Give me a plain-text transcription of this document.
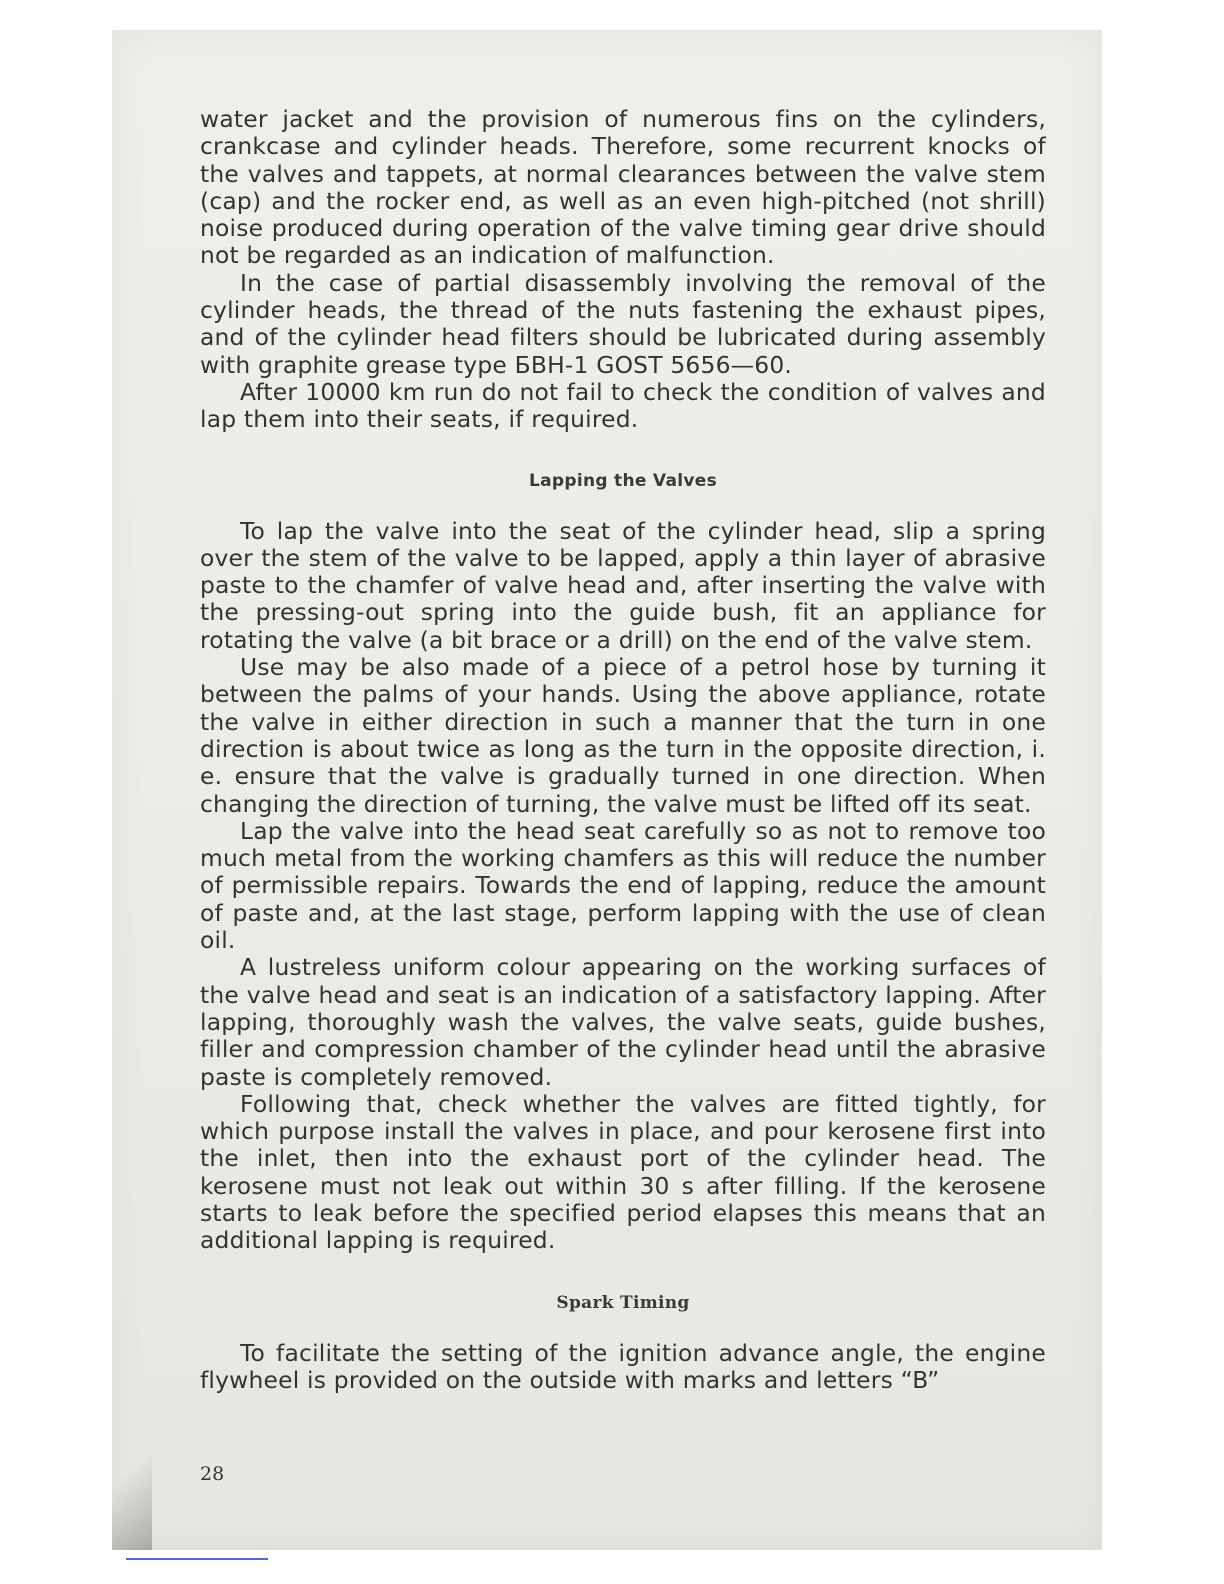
water jacket and the provision of numerous fins on the cylinders, crankcase and cylinder heads. Therefore, some recurrent knocks of the valves and tappets, at normal clearances between the valve stem (cap) and the rocker end, as well as an even high-pitched (not shrill) noise produced during operation of the valve timing gear drive should not be regarded as an indication of malfunction.

In the case of partial disassembly involving the removal of the cylinder heads, the thread of the nuts fastening the exhaust pipes, and of the cylinder head filters should be lubricated during assembly with graphite grease type БВН-1 GOST 5656—60.

After 10000 km run do not fail to check the condition of valves and lap them into their seats, if required.

Lapping the Valves

To lap the valve into the seat of the cylinder head, slip a spring over the stem of the valve to be lapped, apply a thin layer of abrasive paste to the chamfer of valve head and, after inserting the valve with the pressing-out spring into the guide bush, fit an appliance for rotating the valve (a bit brace or a drill) on the end of the valve stem.

Use may be also made of a piece of a petrol hose by turning it between the palms of your hands. Using the above appliance, rotate the valve in either direction in such a manner that the turn in one direction is about twice as long as the turn in the opposite direction, i. e. ensure that the valve is gradually turned in one direction. When changing the direction of turning, the valve must be lifted off its seat.

Lap the valve into the head seat carefully so as not to remove too much metal from the working chamfers as this will reduce the number of permissible repairs. Towards the end of lapping, reduce the amount of paste and, at the last stage, perform lapping with the use of clean oil.

A lustreless uniform colour appearing on the working surfaces of the valve head and seat is an indication of a satisfactory lapping. After lapping, thoroughly wash the valves, the valve seats, guide bushes, filler and compression chamber of the cylinder head until the abrasive paste is completely removed.

Following that, check whether the valves are fitted tightly, for which purpose install the valves in place, and pour kerosene first into the inlet, then into the exhaust port of the cylinder head. The kerosene must not leak out within 30 s after filling. If the kerosene starts to leak before the specified period elapses this means that an additional lapping is required.

Spark Timing

To facilitate the setting of the ignition advance angle, the engine flywheel is provided on the outside with marks and letters “B”

28
